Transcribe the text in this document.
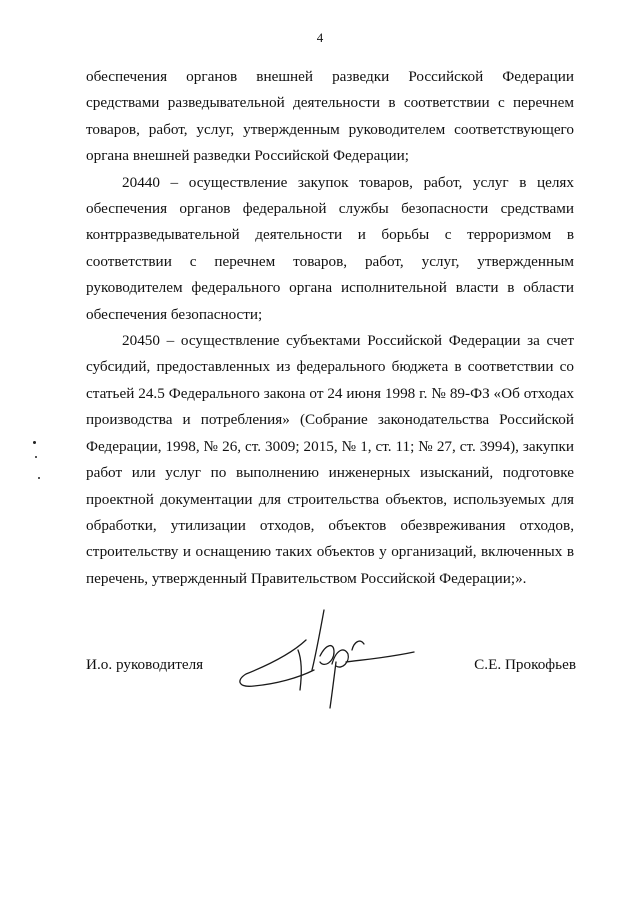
4

обеспечения органов внешней разведки Российской Федерации средствами разведывательной деятельности в соответствии с перечнем товаров, работ, услуг, утвержденным руководителем соответствующего органа внешней разведки Российской Федерации;

20440 – осуществление закупок товаров, работ, услуг в целях обеспечения органов федеральной службы безопасности средствами контрразведывательной деятельности и борьбы с терроризмом в соответствии с перечнем товаров, работ, услуг, утвержденным руководителем федерального органа исполнительной власти в области обеспечения безопасности;

20450 – осуществление субъектами Российской Федерации за счет субсидий, предоставленных из федерального бюджета в соответствии со статьей 24.5 Федерального закона от 24 июня 1998 г. № 89-ФЗ «Об отходах производства и потребления» (Собрание законодательства Российской Федерации, 1998, № 26, ст. 3009; 2015, № 1, ст. 11; № 27, ст. 3994), закупки работ или услуг по выполнению инженерных изысканий, подготовке проектной документации для строительства объектов, используемых для обработки, утилизации отходов, объектов обезвреживания отходов, строительству и оснащению таких объектов у организаций, включенных в перечень, утвержденный Правительством Российской Федерации;».

И.о. руководителя	С.Е. Прокофьев
